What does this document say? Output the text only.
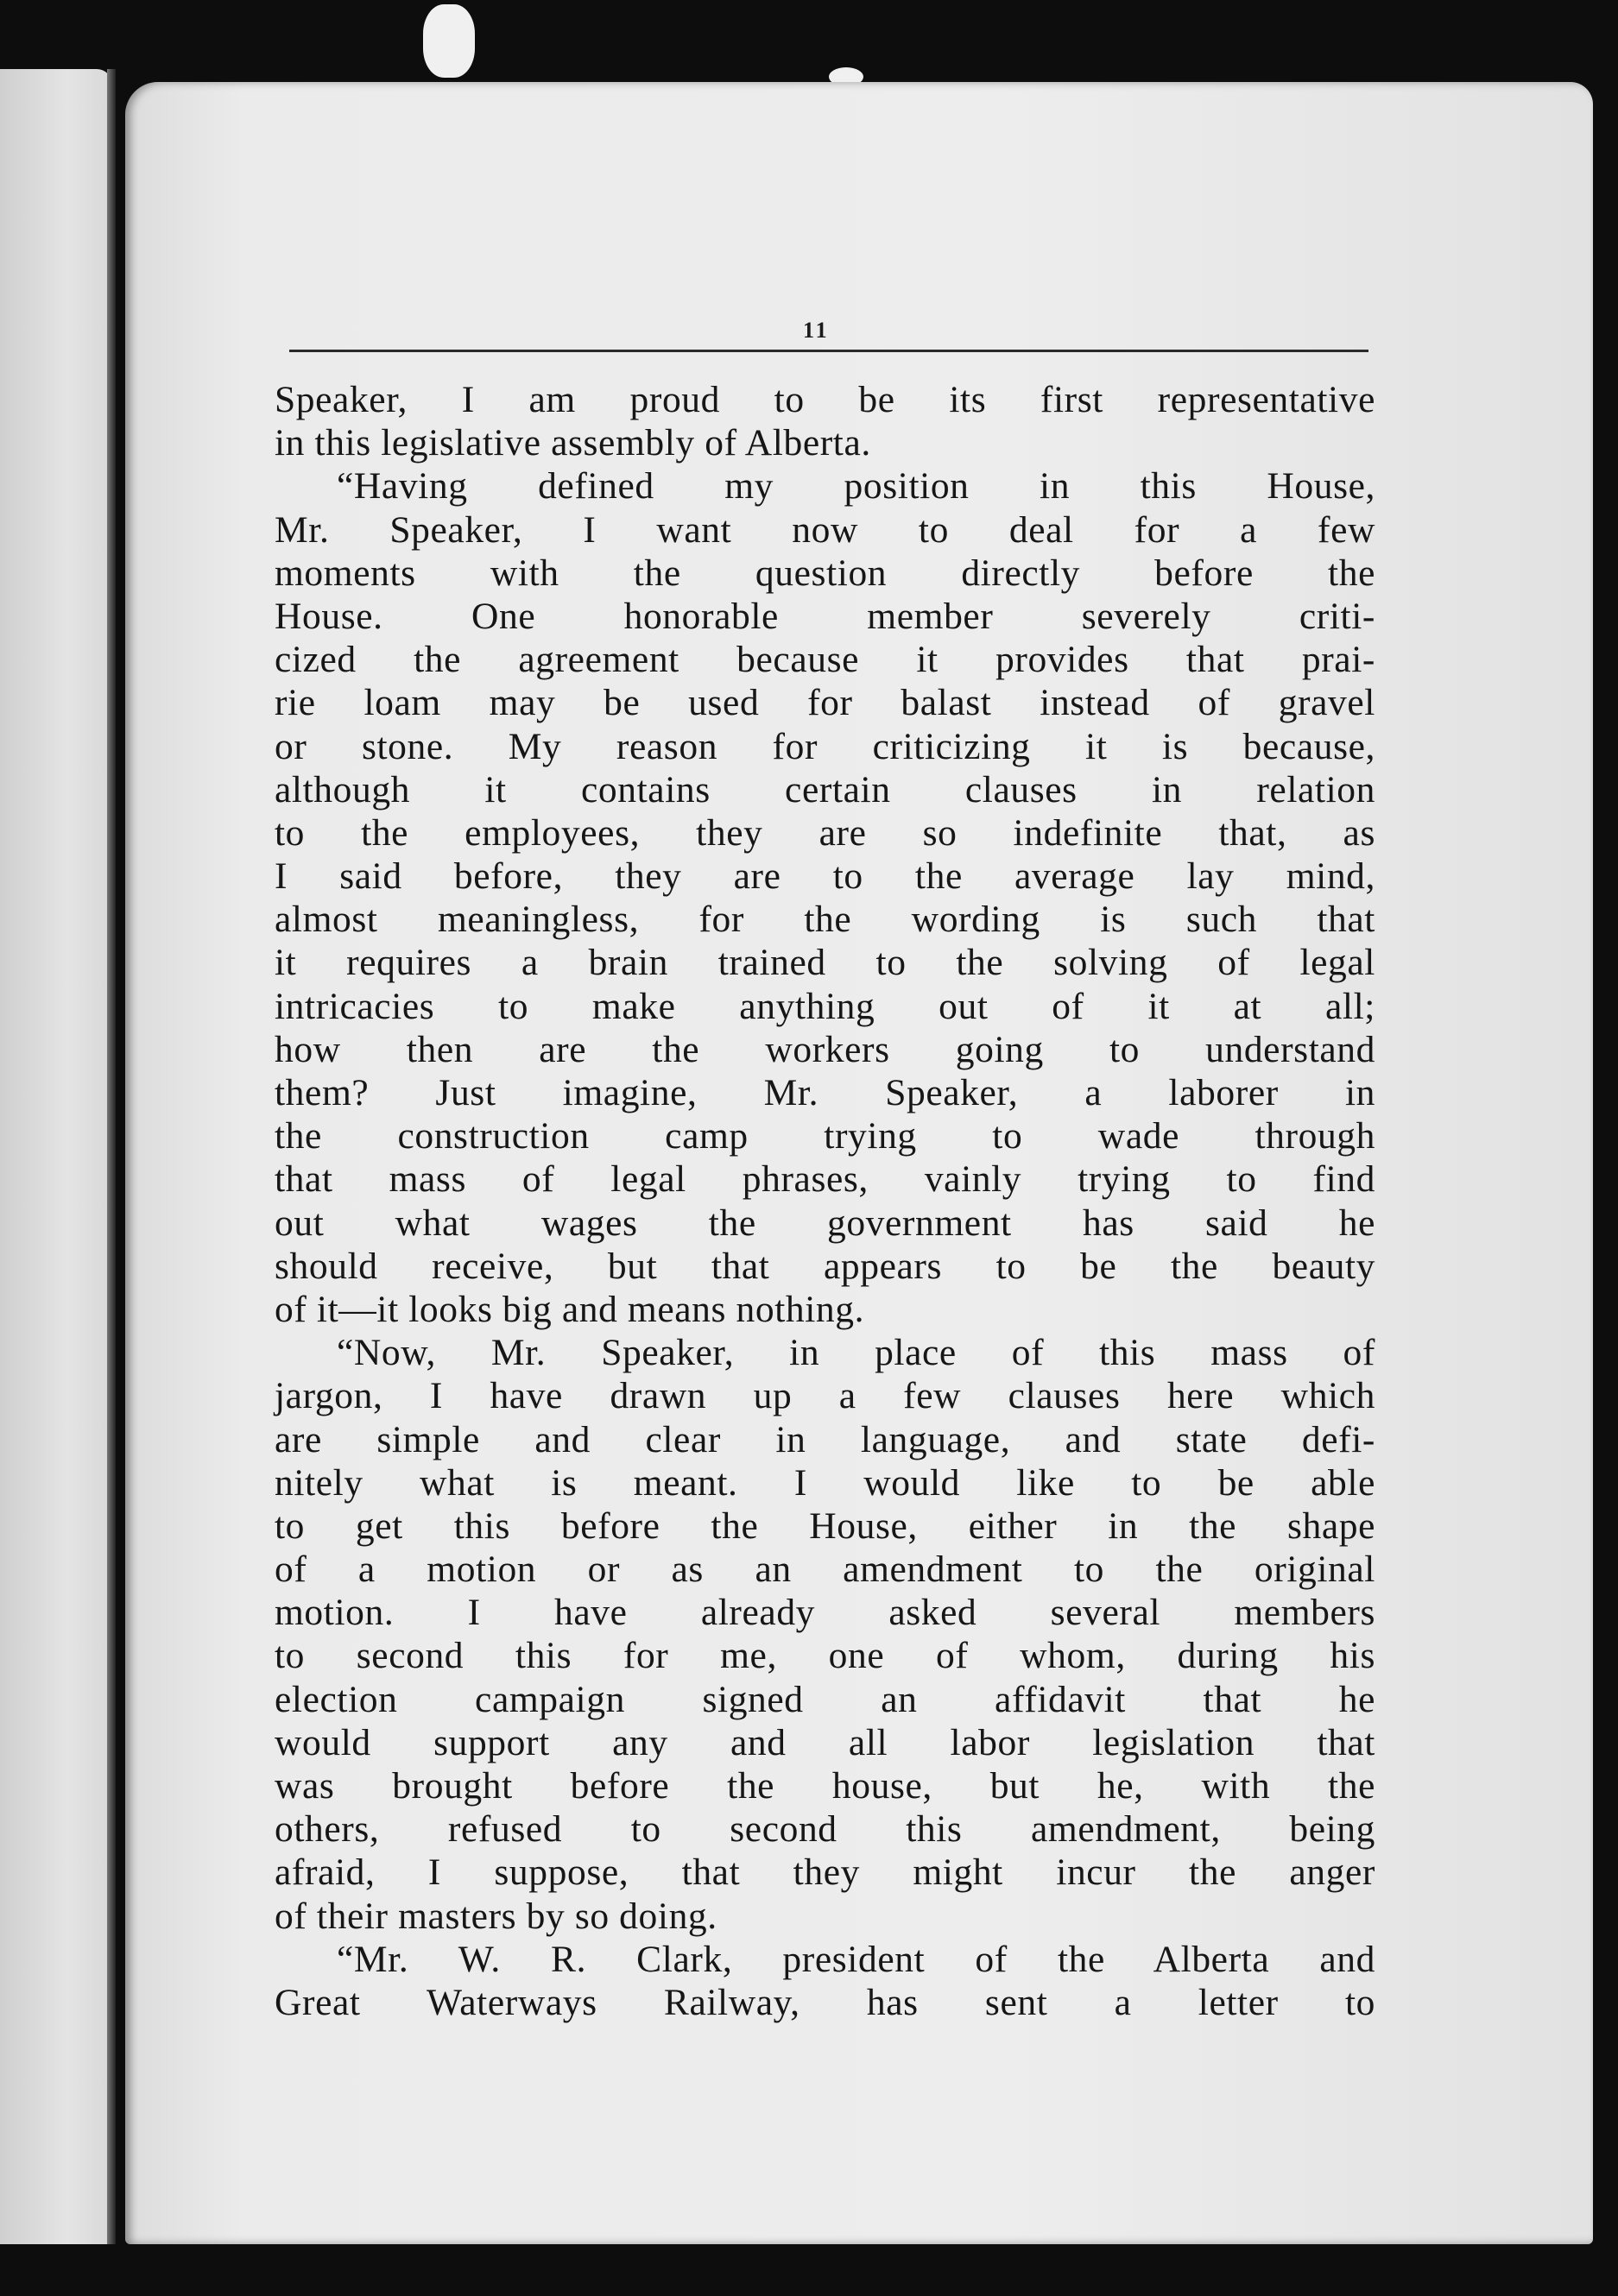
11
Speaker, I am proud to be its first representative
in this legislative assembly of Alberta.
“Having defined my position in this House,
Mr. Speaker, I want now to deal for a few
moments with the question directly before the
House. One honorable member severely criti-
cized the agreement because it provides that prai-
rie loam may be used for balast instead of gravel
or stone. My reason for criticizing it is because,
although it contains certain clauses in relation
to the employees, they are so indefinite that, as
I said before, they are to the average lay mind,
almost meaningless, for the wording is such that
it requires a brain trained to the solving of legal
intricacies to make anything out of it at all;
how then are the workers going to understand
them? Just imagine, Mr. Speaker, a laborer in
the construction camp trying to wade through
that mass of legal phrases, vainly trying to find
out what wages the government has said he
should receive, but that appears to be the beauty
of it—it looks big and means nothing.
“Now, Mr. Speaker, in place of this mass of
jargon, I have drawn up a few clauses here which
are simple and clear in language, and state defi-
nitely what is meant. I would like to be able
to get this before the House, either in the shape
of a motion or as an amendment to the original
motion. I have already asked several members
to second this for me, one of whom, during his
election campaign signed an affidavit that he
would support any and all labor legislation that
was brought before the house, but he, with the
others, refused to second this amendment, being
afraid, I suppose, that they might incur the anger
of their masters by so doing.
“Mr. W. R. Clark, president of the Alberta and
Great Waterways Railway, has sent a letter to
